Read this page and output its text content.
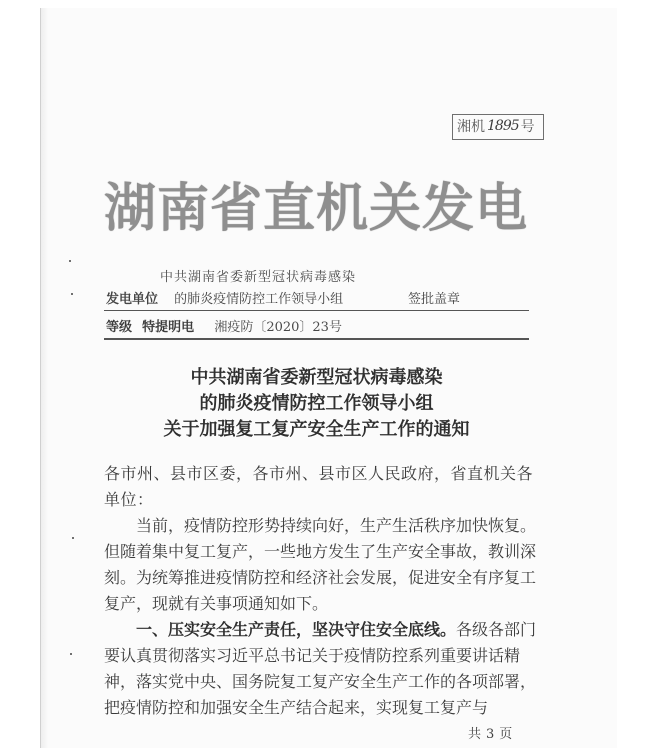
湘机 1895 号
湖南省直机关发电
中共湖南省委新型冠状病毒感染
发电单位 的肺炎疫情防控工作领导小组	签批盖章
等级 特提明电 湘疫防〔2020〕23号
中共湖南省委新型冠状病毒感染
的肺炎疫情防控工作领导小组
关于加强复工复产安全生产工作的通知

各市州、县市区委，各市州、县市区人民政府，省直机关各单位：

当前，疫情防控形势持续向好，生产生活秩序加快恢复。但随着集中复工复产，一些地方发生了生产安全事故，教训深刻。为统筹推进疫情防控和经济社会发展，促进安全有序复工复产，现就有关事项通知如下。

一、压实安全生产责任，坚决守住安全底线。各级各部门要认真贯彻落实习近平总书记关于疫情防控系列重要讲话精神，落实党中央、国务院复工复产安全生产工作的各项部署，把疫情防控和加强安全生产结合起来，实现复工复产与

共 3 页
